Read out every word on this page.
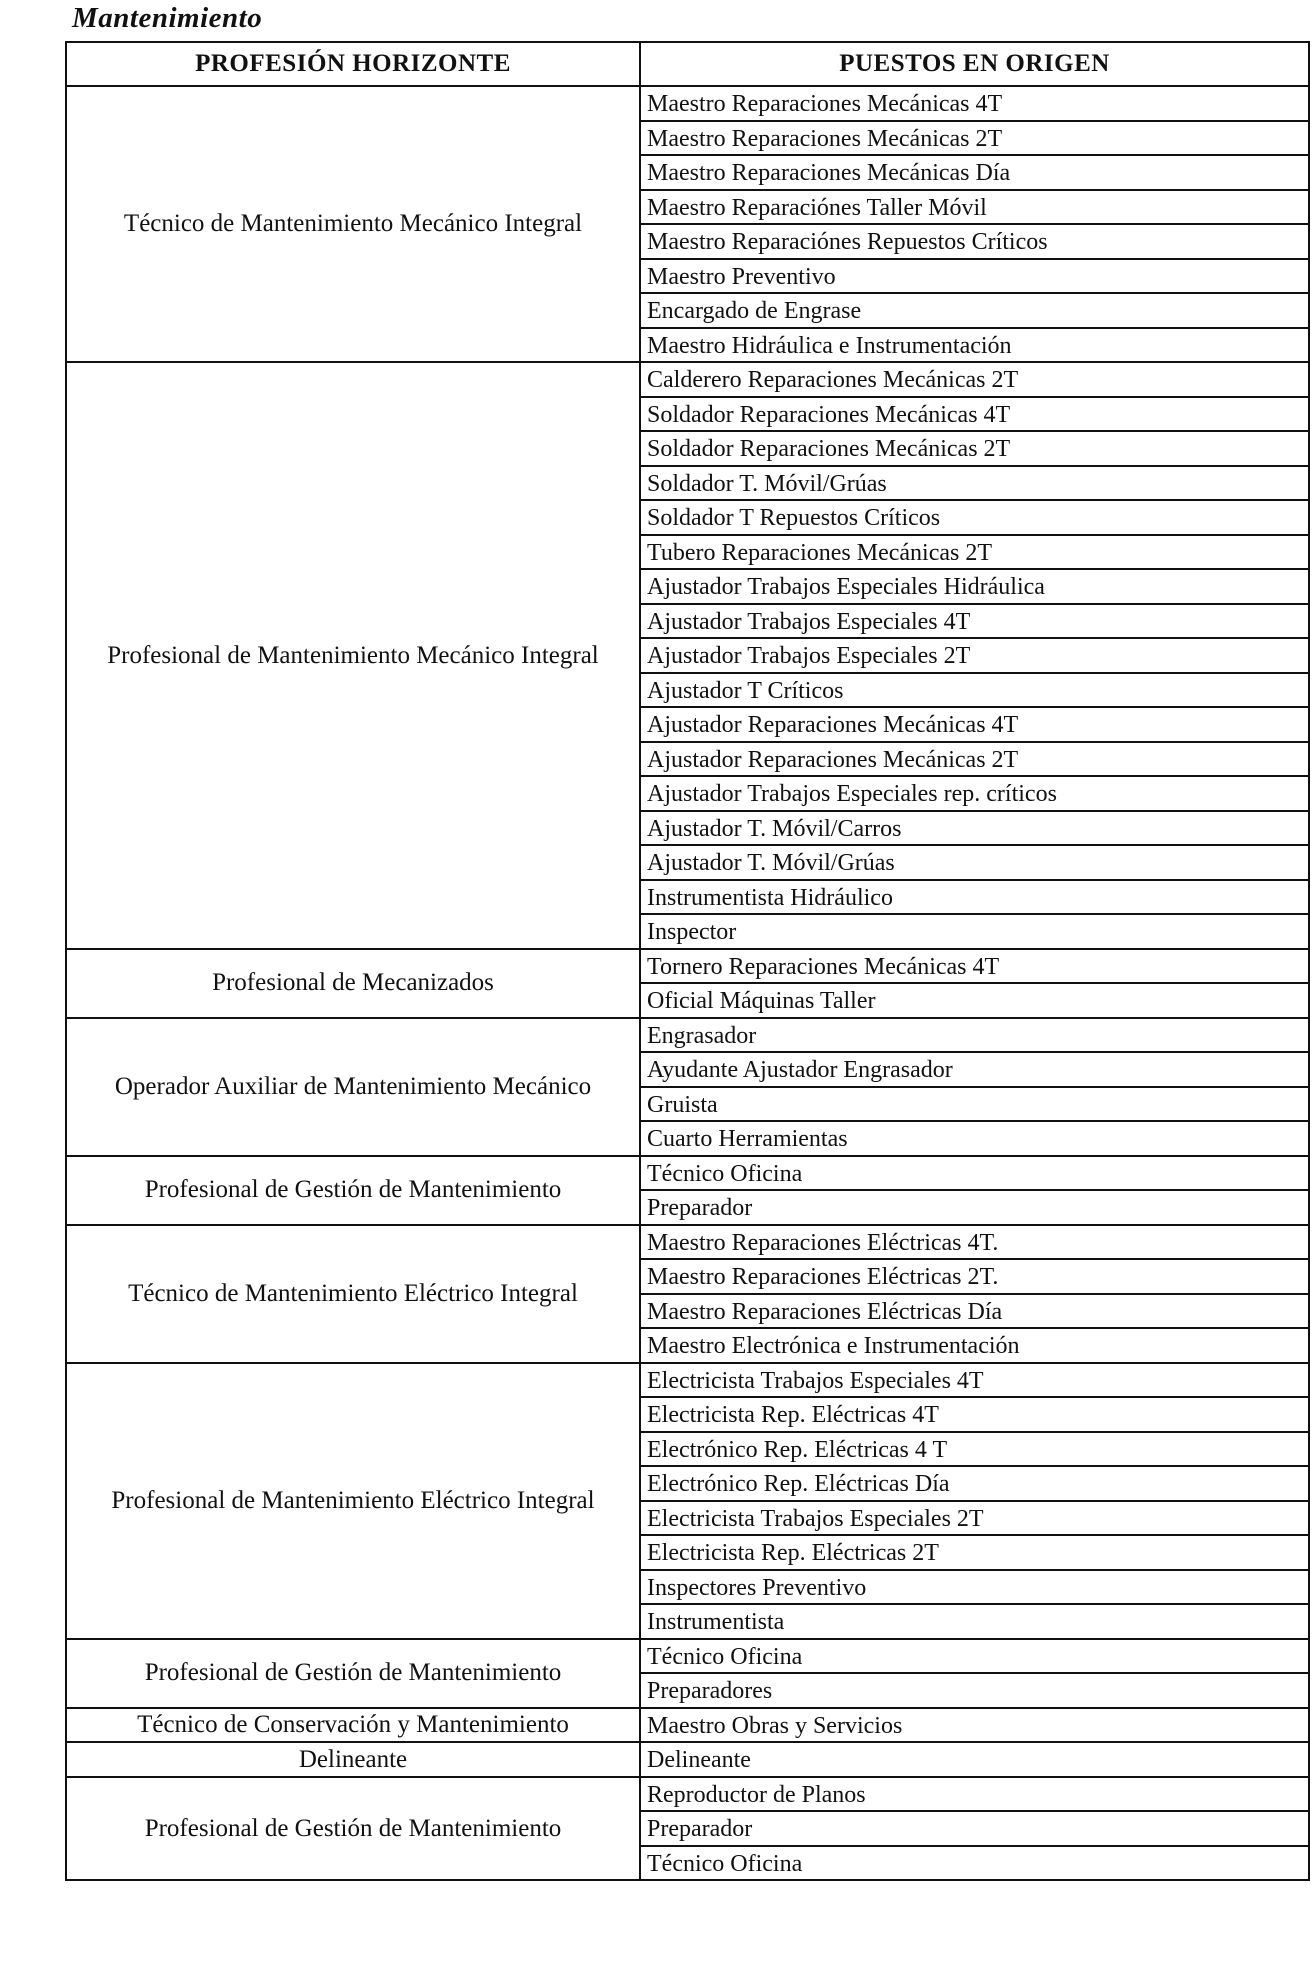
Mantenimiento
PROFESIÓN HORIZONTE	PUESTOS EN ORIGEN
Técnico de Mantenimiento Mecánico Integral	Maestro Reparaciones Mecánicas 4T
	Maestro Reparaciones Mecánicas 2T
	Maestro Reparaciones Mecánicas Día
	Maestro Reparaciónes Taller Móvil
	Maestro Reparaciónes Repuestos Críticos
	Maestro Preventivo
	Encargado de Engrase
	Maestro Hidráulica e Instrumentación
Profesional de Mantenimiento Mecánico Integral	Calderero Reparaciones Mecánicas 2T
	Soldador Reparaciones Mecánicas 4T
	Soldador Reparaciones Mecánicas 2T
	Soldador T. Móvil/Grúas
	Soldador T Repuestos Críticos
	Tubero Reparaciones Mecánicas 2T
	Ajustador Trabajos Especiales Hidráulica
	Ajustador Trabajos Especiales 4T
	Ajustador Trabajos Especiales 2T
	Ajustador T Críticos
	Ajustador Reparaciones Mecánicas 4T
	Ajustador Reparaciones Mecánicas 2T
	Ajustador Trabajos Especiales rep. críticos
	Ajustador T. Móvil/Carros
	Ajustador T. Móvil/Grúas
	Instrumentista Hidráulico
	Inspector
Profesional de Mecanizados	Tornero Reparaciones Mecánicas 4T
	Oficial Máquinas Taller
Operador Auxiliar de Mantenimiento Mecánico	Engrasador
	Ayudante Ajustador Engrasador
	Gruista
	Cuarto Herramientas
Profesional de Gestión de Mantenimiento	Técnico Oficina
	Preparador
Técnico de Mantenimiento Eléctrico Integral	Maestro Reparaciones Eléctricas 4T.
	Maestro Reparaciones Eléctricas 2T.
	Maestro Reparaciones Eléctricas Día
	Maestro Electrónica e Instrumentación
Profesional de Mantenimiento Eléctrico Integral	Electricista Trabajos Especiales 4T
	Electricista Rep. Eléctricas 4T
	Electrónico Rep. Eléctricas 4 T
	Electrónico Rep. Eléctricas Día
	Electricista Trabajos Especiales 2T
	Electricista Rep. Eléctricas 2T
	Inspectores Preventivo
	Instrumentista
Profesional de Gestión de Mantenimiento	Técnico Oficina
	Preparadores
Técnico de Conservación y Mantenimiento	Maestro Obras y Servicios
Delineante	Delineante
Profesional de Gestión de Mantenimiento	Reproductor de Planos
	Preparador
	Técnico Oficina
